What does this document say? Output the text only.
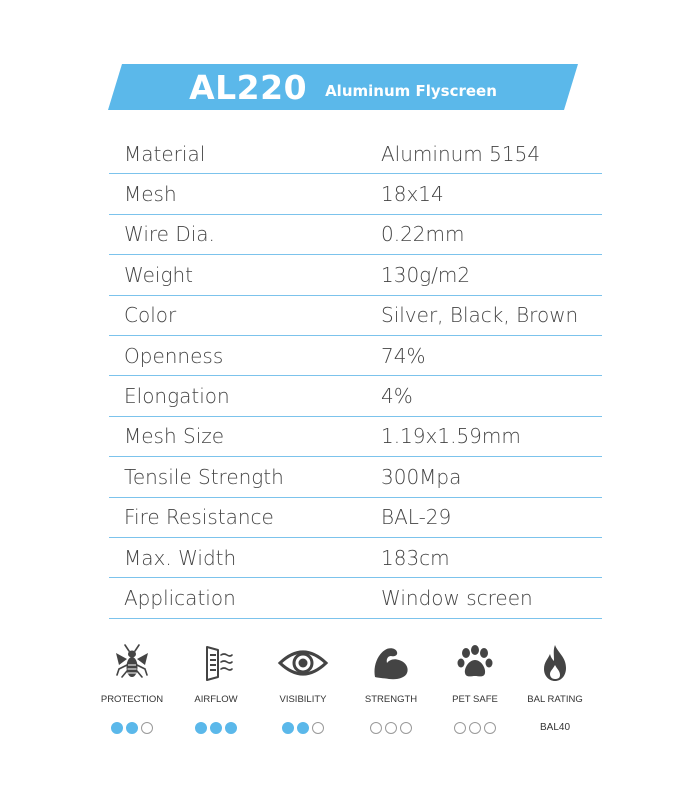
AL220 Aluminum Flyscreen
Material	Aluminum 5154
Mesh	18x14
Wire Dia.	0.22mm
Weight	130g/m2
Color	Silver, Black, Brown
Openness	74%
Elongation	4%
Mesh Size	1.19x1.59mm
Tensile Strength	300Mpa
Fire Resistance	BAL-29
Max. Width	183cm
Application	Window screen
PROTECTION	AIRFLOW	VISIBILITY	STRENGTH	PET SAFE	BAL RATING
BAL40
